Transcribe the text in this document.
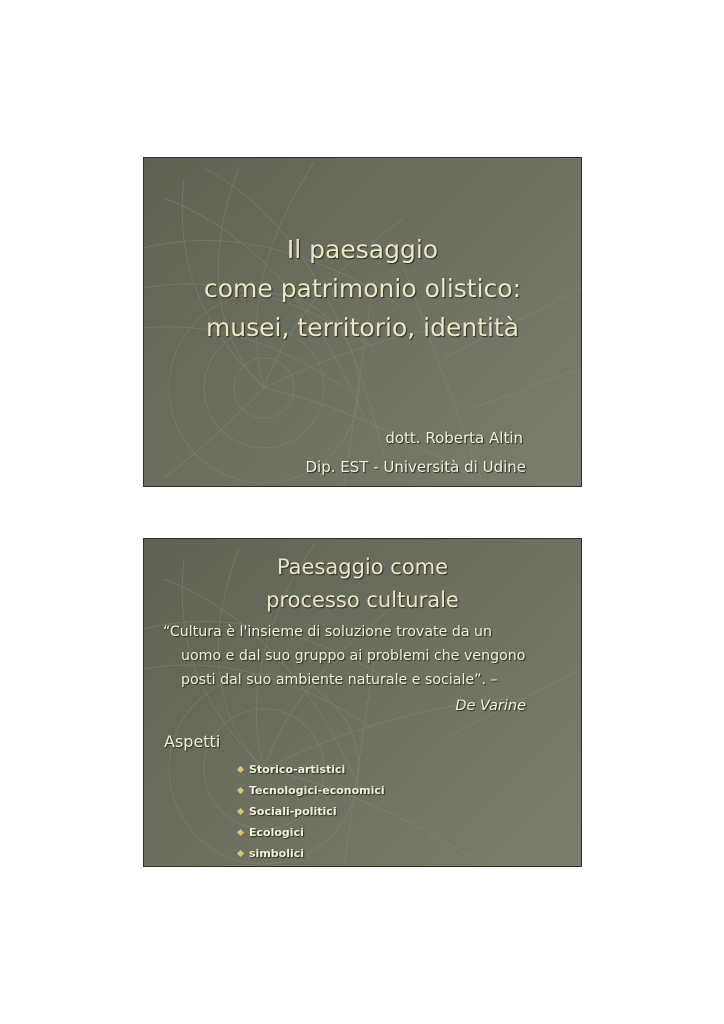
Il paesaggio
come patrimonio olistico:
musei, territorio, identità
dott. Roberta Altin
Dip. EST - Università di Udine
Paesaggio come
processo culturale
“Cultura è l'insieme di soluzione trovate da un
uomo e dal suo gruppo ai problemi che vengono
posti dal suo ambiente naturale e sociale”. –
De Varine
Aspetti
Storico-artistici
Tecnologici-economici
Sociali-politici
Ecologici
simbolici
